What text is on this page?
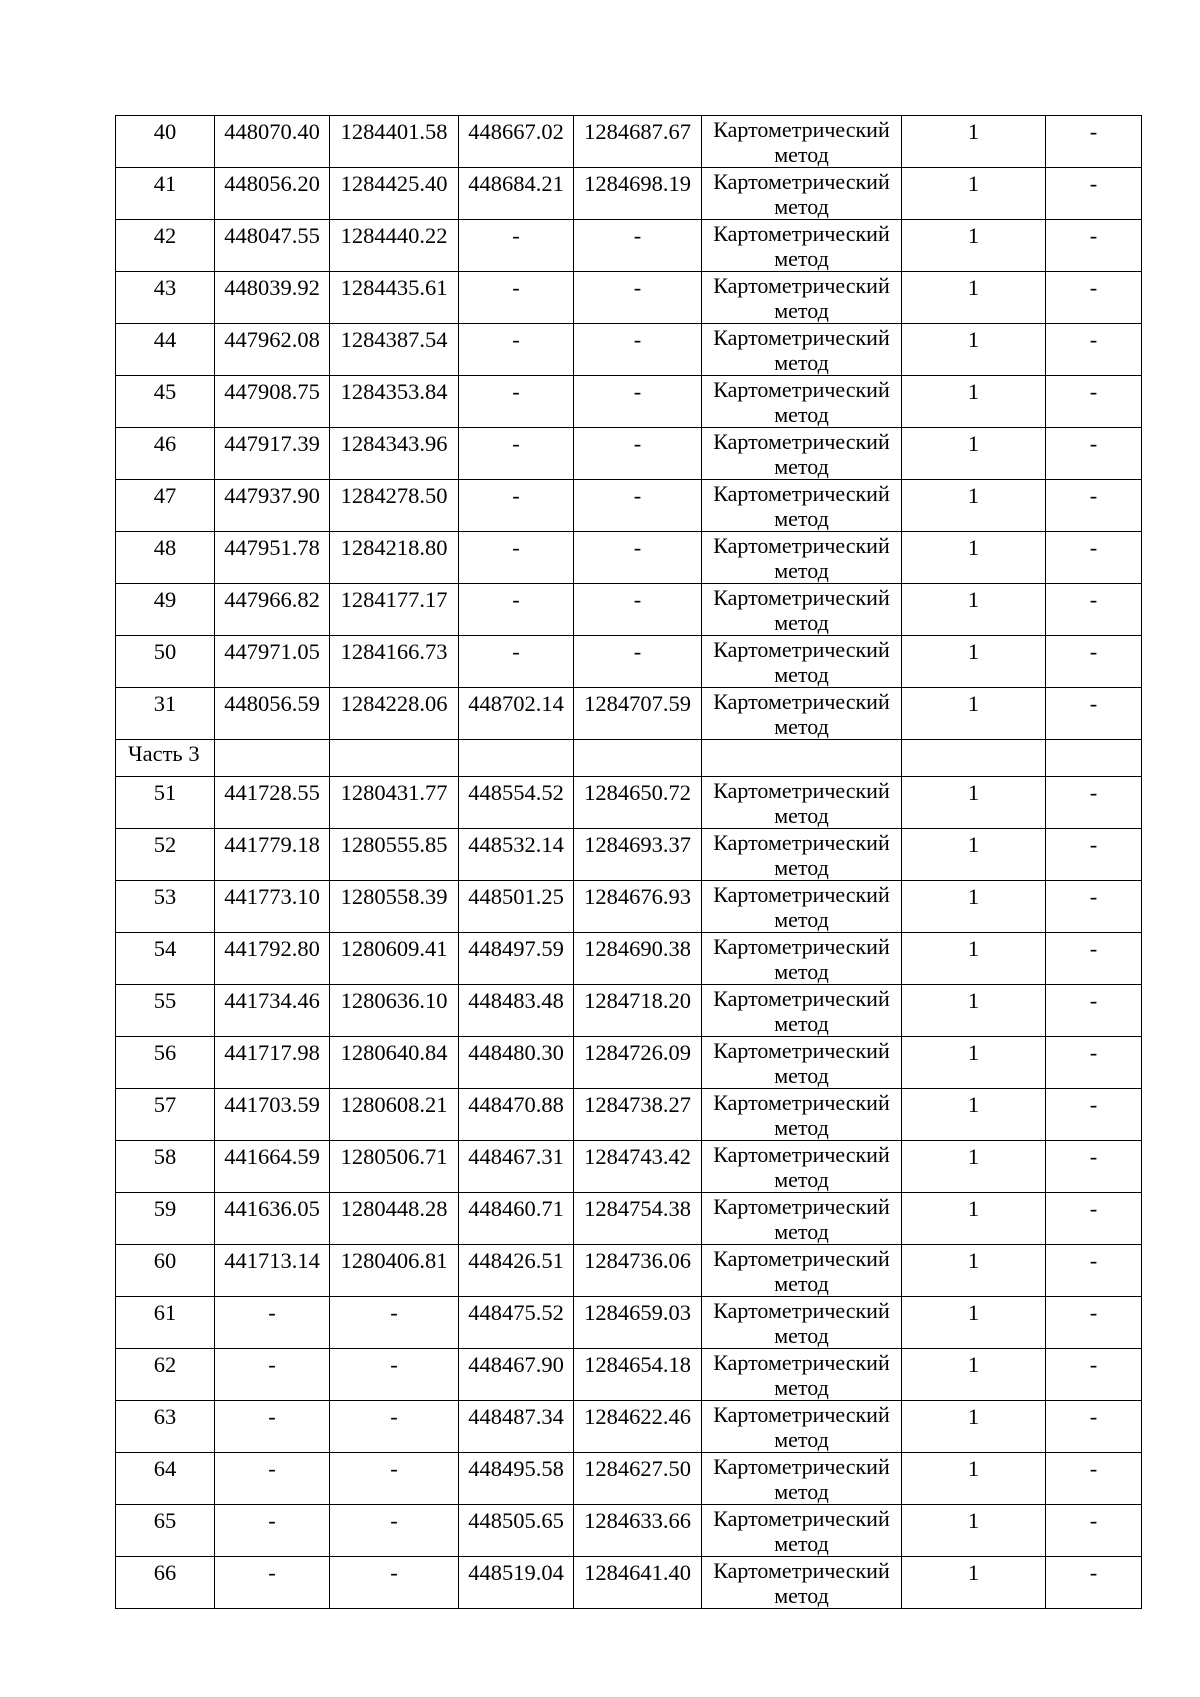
40	448070.40	1284401.58	448667.02	1284687.67	Картометрический
метод	1	-
41	448056.20	1284425.40	448684.21	1284698.19	Картометрический
метод	1	-
42	448047.55	1284440.22	-	-	Картометрический
метод	1	-
43	448039.92	1284435.61	-	-	Картометрический
метод	1	-
44	447962.08	1284387.54	-	-	Картометрический
метод	1	-
45	447908.75	1284353.84	-	-	Картометрический
метод	1	-
46	447917.39	1284343.96	-	-	Картометрический
метод	1	-
47	447937.90	1284278.50	-	-	Картометрический
метод	1	-
48	447951.78	1284218.80	-	-	Картометрический
метод	1	-
49	447966.82	1284177.17	-	-	Картометрический
метод	1	-
50	447971.05	1284166.73	-	-	Картометрический
метод	1	-
31	448056.59	1284228.06	448702.14	1284707.59	Картометрический
метод	1	-
Часть 3							
51	441728.55	1280431.77	448554.52	1284650.72	Картометрический
метод	1	-
52	441779.18	1280555.85	448532.14	1284693.37	Картометрический
метод	1	-
53	441773.10	1280558.39	448501.25	1284676.93	Картометрический
метод	1	-
54	441792.80	1280609.41	448497.59	1284690.38	Картометрический
метод	1	-
55	441734.46	1280636.10	448483.48	1284718.20	Картометрический
метод	1	-
56	441717.98	1280640.84	448480.30	1284726.09	Картометрический
метод	1	-
57	441703.59	1280608.21	448470.88	1284738.27	Картометрический
метод	1	-
58	441664.59	1280506.71	448467.31	1284743.42	Картометрический
метод	1	-
59	441636.05	1280448.28	448460.71	1284754.38	Картометрический
метод	1	-
60	441713.14	1280406.81	448426.51	1284736.06	Картометрический
метод	1	-
61	-	-	448475.52	1284659.03	Картометрический
метод	1	-
62	-	-	448467.90	1284654.18	Картометрический
метод	1	-
63	-	-	448487.34	1284622.46	Картометрический
метод	1	-
64	-	-	448495.58	1284627.50	Картометрический
метод	1	-
65	-	-	448505.65	1284633.66	Картометрический
метод	1	-
66	-	-	448519.04	1284641.40	Картометрический
метод	1	-
